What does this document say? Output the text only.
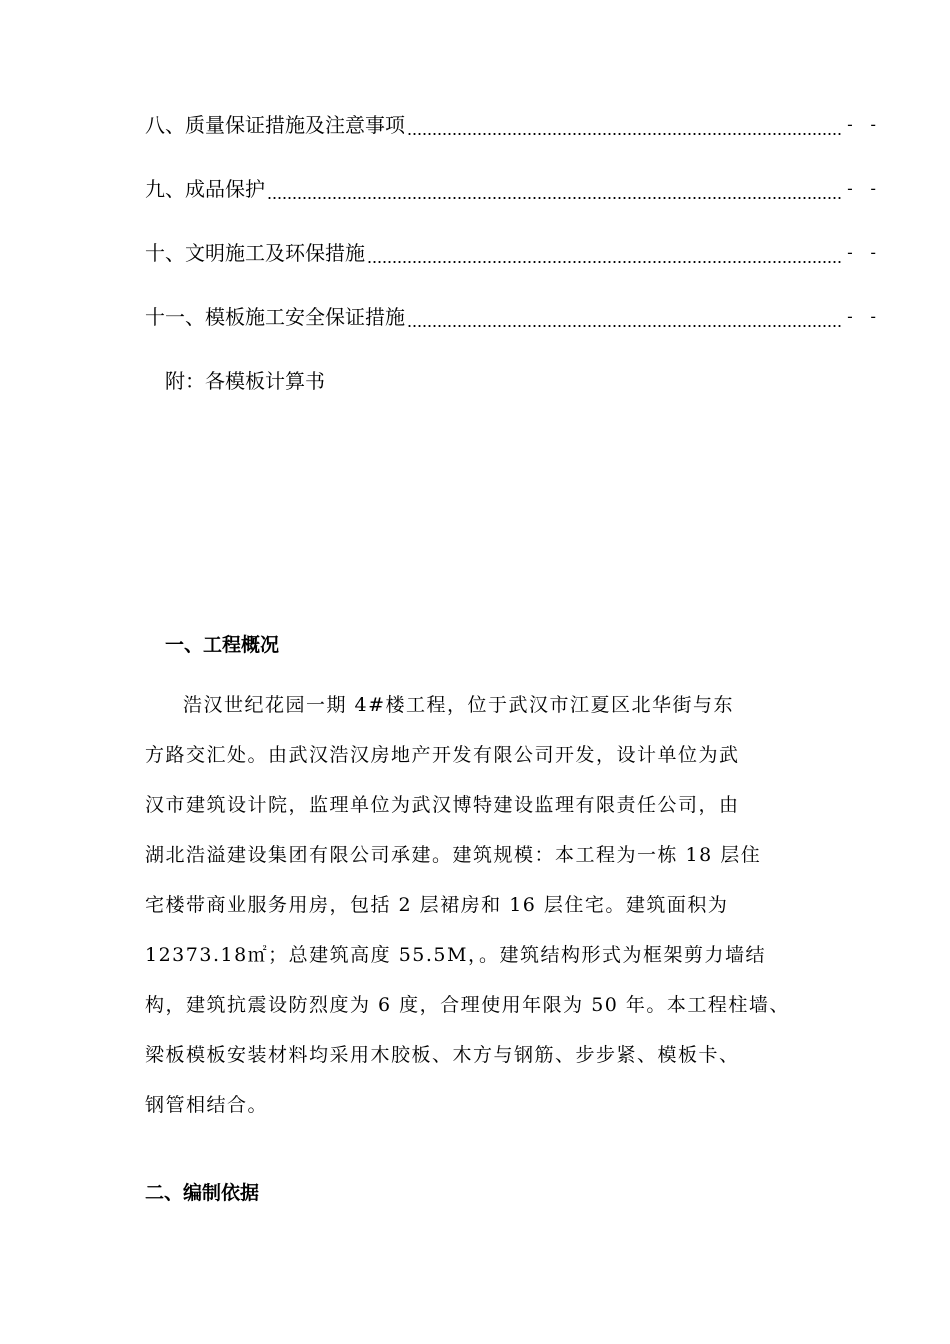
八、质量保证措施及注意事项	- -
九、成品保护	- -
十、文明施工及环保措施	- -
十一、模板施工安全保证措施	- -
附：各模板计算书
一、工程概况
浩汉世纪花园一期 4#楼工程，位于武汉市江夏区北华街与东
方路交汇处。由武汉浩汉房地产开发有限公司开发，设计单位为武
汉市建筑设计院，监理单位为武汉博特建设监理有限责任公司，由
湖北浩溢建设集团有限公司承建。建筑规模：本工程为一栋 18 层住
宅楼带商业服务用房，包括 2 层裙房和 16 层住宅。建筑面积为
12373.18㎡；总建筑高度 55.5M，。建筑结构形式为框架剪力墙结
构，建筑抗震设防烈度为 6 度，合理使用年限为 50 年。本工程柱墙、
梁板模板安装材料均采用木胶板、木方与钢筋、步步紧、模板卡、
钢管相结合。
二、编制依据
